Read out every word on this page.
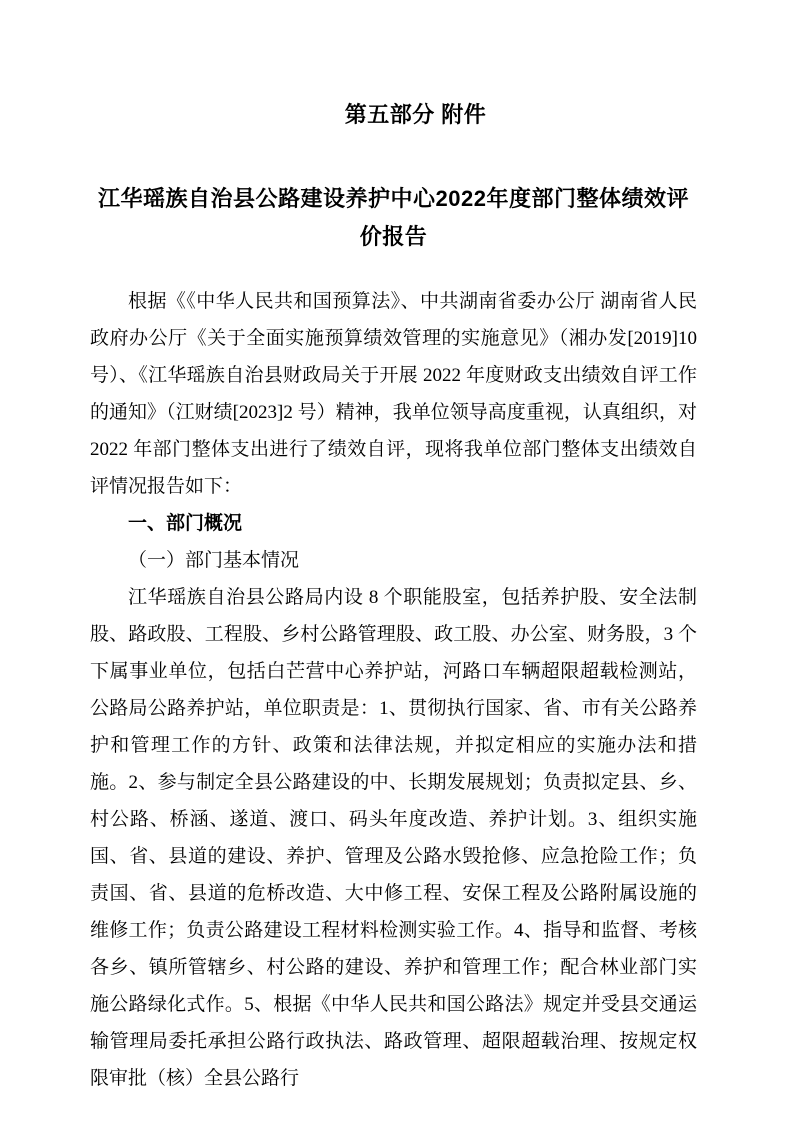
第五部分 附件
江华瑶族自治县公路建设养护中心2022年度部门整体绩效评价报告

根据《《中华人民共和国预算法》、中共湖南省委办公厅 湖南省人民政府办公厅《关于全面实施预算绩效管理的实施意见》（湘办发[2019]10 号）、《江华瑶族自治县财政局关于开展 2022 年度财政支出绩效自评工作的通知》（江财绩[2023]2 号）精神，我单位领导高度重视，认真组织，对 2022 年部门整体支出进行了绩效自评，现将我单位部门整体支出绩效自评情况报告如下：

一、部门概况

（一）部门基本情况

江华瑶族自治县公路局内设 8 个职能股室，包括养护股、安全法制股、路政股、工程股、乡村公路管理股、政工股、办公室、财务股，3 个下属事业单位，包括白芒营中心养护站，河路口车辆超限超载检测站，公路局公路养护站，单位职责是：1、贯彻执行国家、省、市有关公路养护和管理工作的方针、政策和法律法规，并拟定相应的实施办法和措施。2、参与制定全县公路建设的中、长期发展规划；负责拟定县、乡、村公路、桥涵、遂道、渡口、码头年度改造、养护计划。3、组织实施国、省、县道的建设、养护、管理及公路水毁抢修、应急抢险工作；负责国、省、县道的危桥改造、大中修工程、安保工程及公路附属设施的维修工作；负责公路建设工程材料检测实验工作。4、指导和监督、考核各乡、镇所管辖乡、村公路的建设、养护和管理工作；配合林业部门实施公路绿化式作。5、根据《中华人民共和国公路法》规定并受县交通运输管理局委托承担公路行政执法、路政管理、超限超载治理、按规定权限审批（核）全县公路行
